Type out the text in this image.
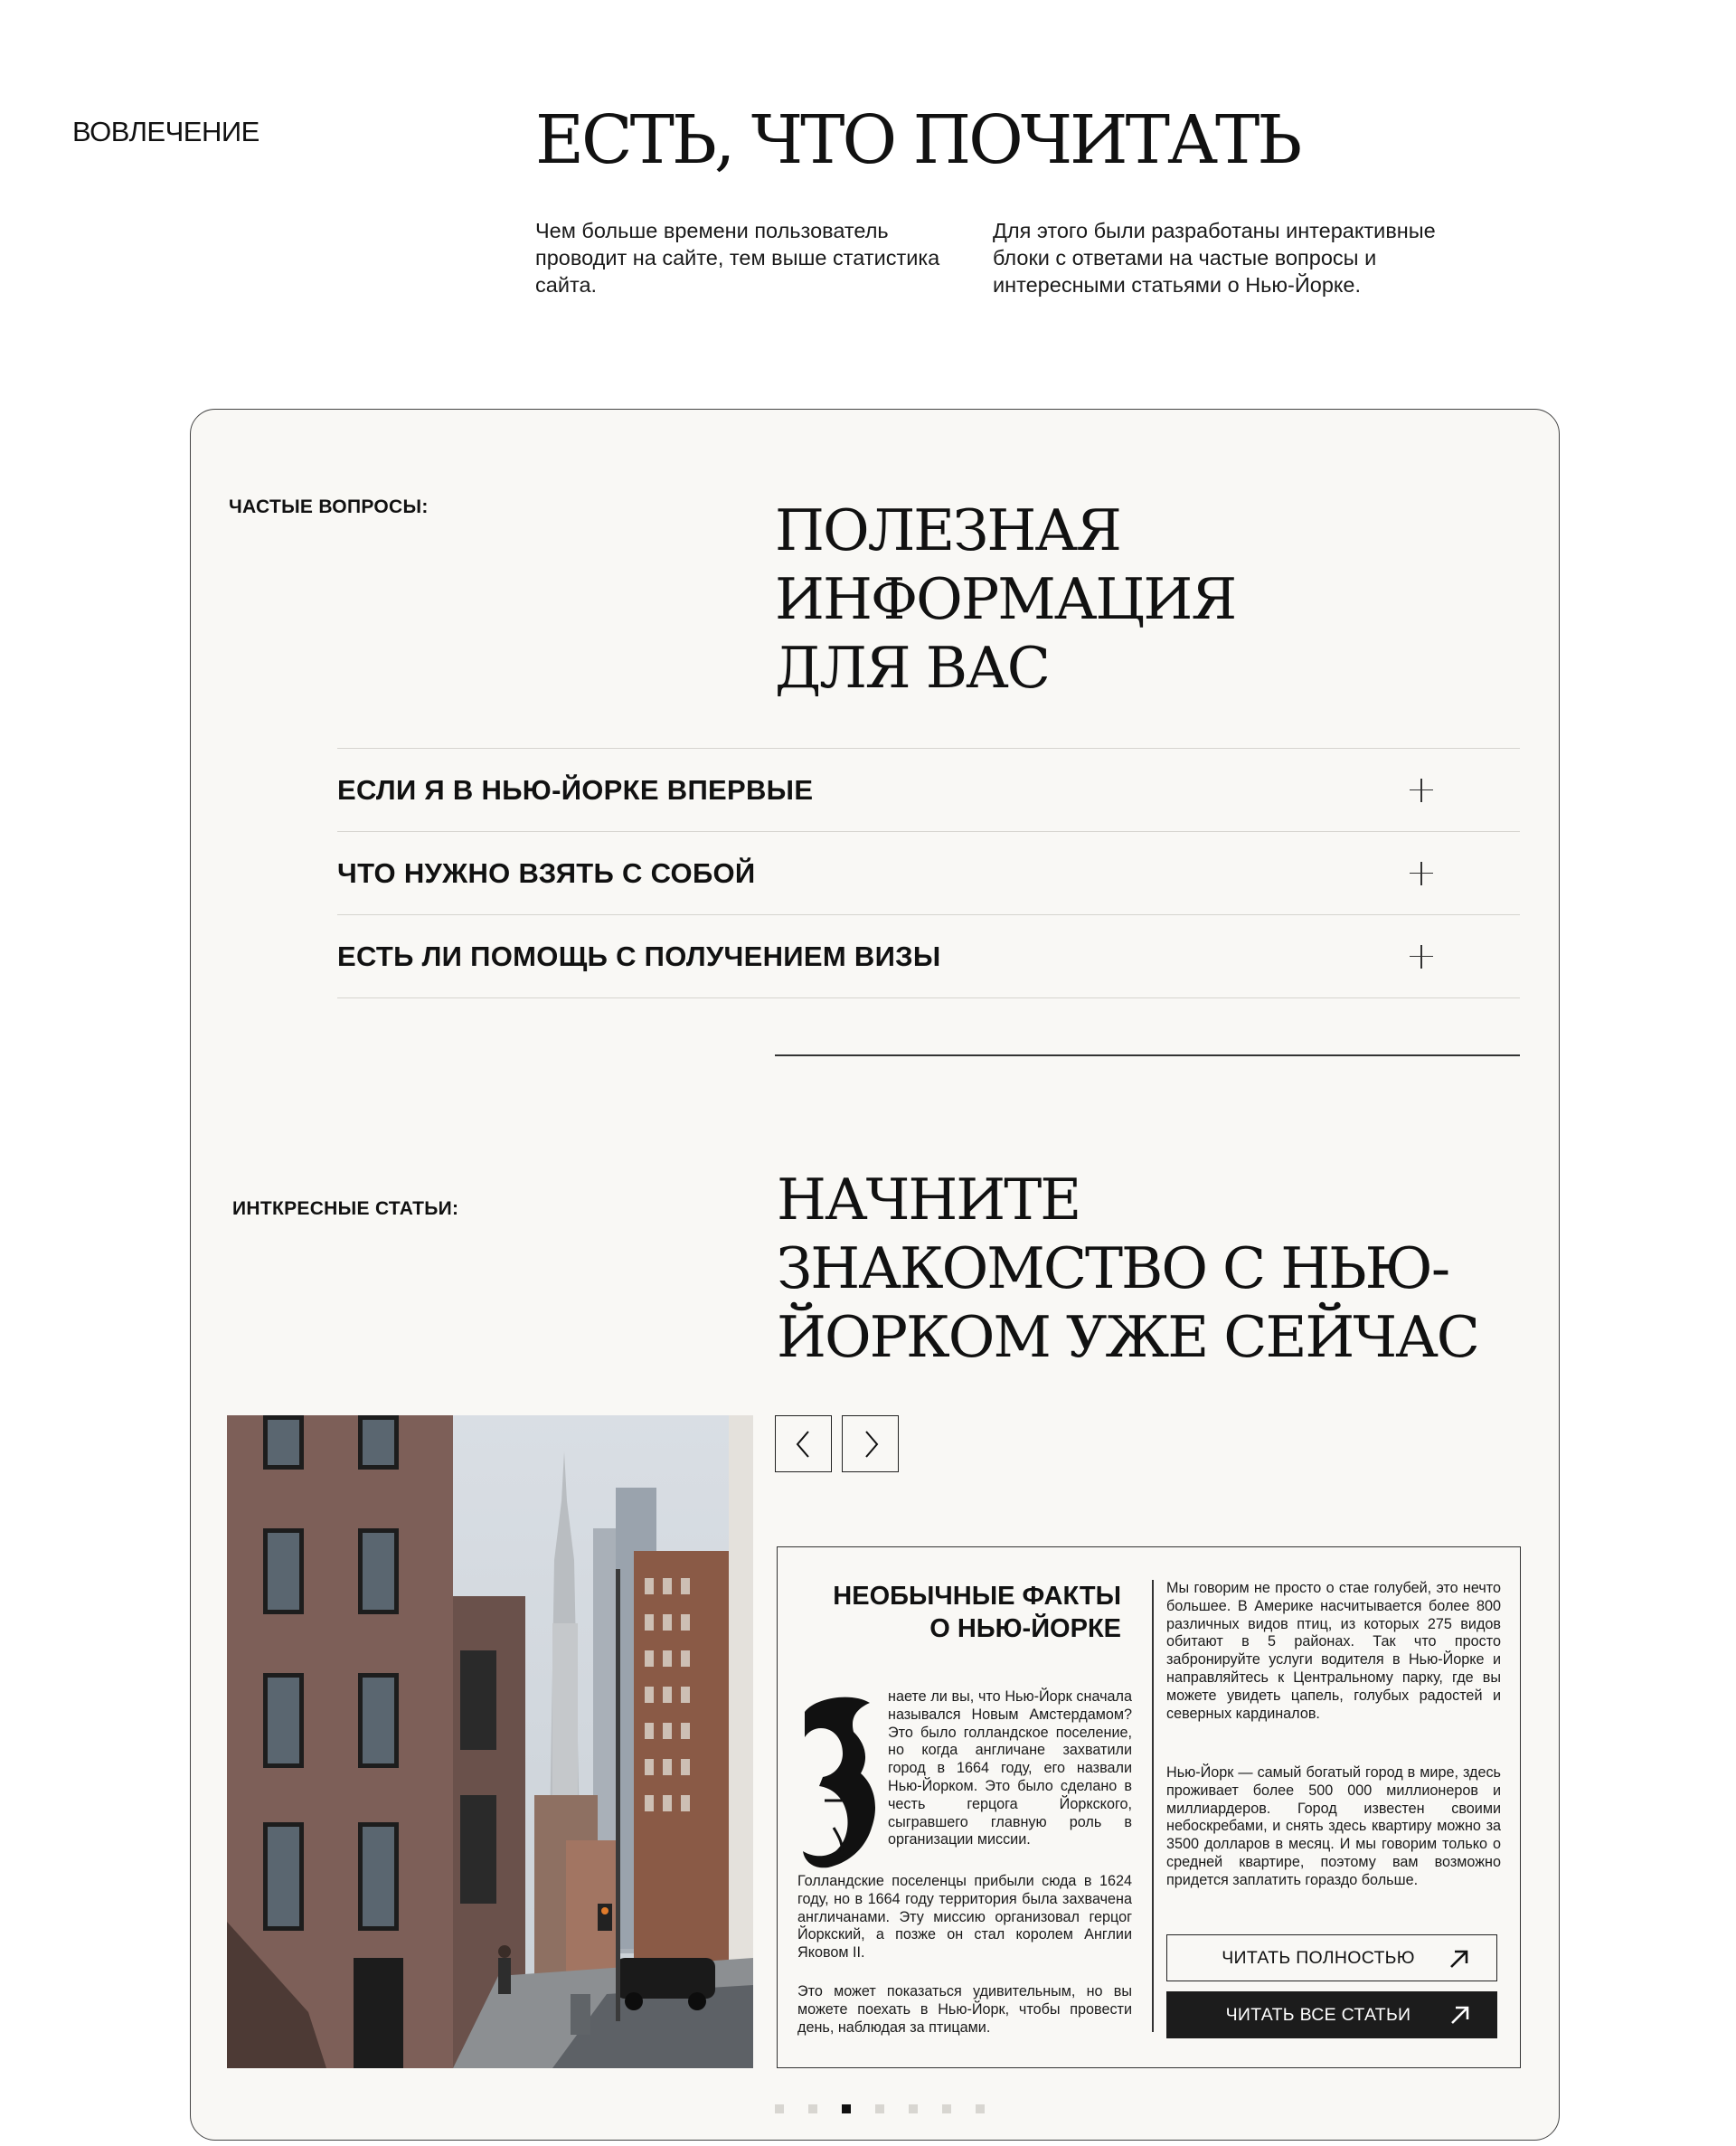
ВОВЛЕЧЕНИЕ	ЕСТЬ, ЧТО ПОЧИТАТЬ

Чем больше времени пользователь проводит на сайте, тем выше статистика сайта.

Для этого были разработаны интерактивные блоки с ответами на частые вопросы и интересными статьями о Нью-Йорке.

ЧАСТЫЕ ВОПРОСЫ:	ПОЛЕЗНАЯ
ИНФОРМАЦИЯ
ДЛЯ ВАС
ЕСЛИ Я В НЬЮ-ЙОРКЕ ВПЕРВЫЕ
ЧТО НУЖНО ВЗЯТЬ С СОБОЙ
ЕСТЬ ЛИ ПОМОЩЬ С ПОЛУЧЕНИЕМ ВИЗЫ
ИНТКРЕСНЫЕ СТАТЬИ:	НАЧНИТЕ
ЗНАКОМСТВО С НЬЮ-
ЙОРКОМ УЖЕ СЕЙЧАС
НЕОБЫЧНЫЕ ФАКТЫ
О НЬЮ-ЙОРКЕ

наете ли вы, что Нью-Йорк сначала назывался Новым Амстердамом? Это было голландское поселение, но когда англичане захватили город в 1664 году, его назвали Нью-Йорком. Это было сделано в честь герцога Йоркского, сыгравшего главную роль в организации миссии.

Голландские поселенцы прибыли сюда в 1624 году, но в 1664 году территория была захвачена англичанами. Эту миссию организовал герцог Йоркский, а позже он стал королем Англии Яковом II.

Это может показаться удивительным, но вы можете поехать в Нью-Йорк, чтобы провести день, наблюдая за птицами.

Мы говорим не просто о стае голубей, это нечто большее. В Америке насчитывается более 800 различных видов птиц, из которых 275 видов обитают в 5 районах. Так что просто забронируйте услуги водителя в Нью-Йорке и направляйтесь к Центральному парку, где вы можете увидеть цапель, голубых радостей и северных кардиналов.

Нью-Йорк — самый богатый город в мире, здесь проживает более 500 000 миллионеров и миллиардеров. Город известен своими небоскребами, и снять здесь квартиру можно за 3500 долларов в месяц. И мы говорим только о средней квартире, поэтому вам возможно придется заплатить гораздо больше.

ЧИТАТЬ ПОЛНОСТЬЮ
ЧИТАТЬ ВСЕ СТАТЬИ
